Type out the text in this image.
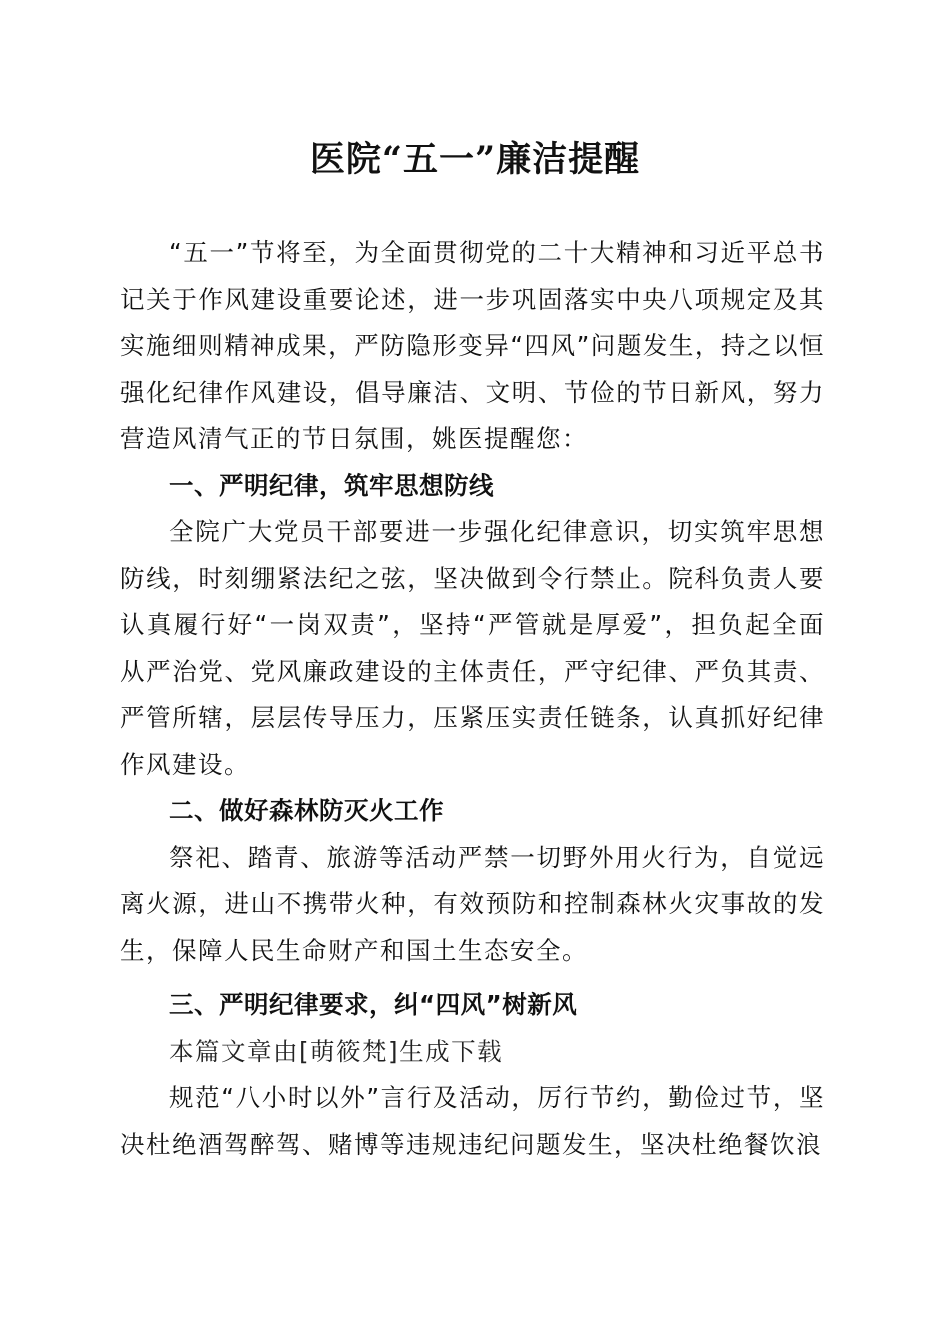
医院“五一”廉洁提醒

“五一”节将至，为全面贯彻党的二十大精神和习近平总书记关于作风建设重要论述，进一步巩固落实中央八项规定及其实施细则精神成果，严防隐形变异“四风”问题发生，持之以恒强化纪律作风建设，倡导廉洁、文明、节俭的节日新风，努力营造风清气正的节日氛围，姚医提醒您：

一、严明纪律，筑牢思想防线

全院广大党员干部要进一步强化纪律意识，切实筑牢思想防线，时刻绷紧法纪之弦，坚决做到令行禁止。院科负责人要认真履行好“一岗双责”，坚持“严管就是厚爱”，担负起全面从严治党、党风廉政建设的主体责任，严守纪律、严负其责、严管所辖，层层传导压力，压紧压实责任链条，认真抓好纪律作风建设。

二、做好森林防灭火工作

祭祀、踏青、旅游等活动严禁一切野外用火行为，自觉远离火源，进山不携带火种，有效预防和控制森林火灾事故的发生，保障人民生命财产和国土生态安全。

三、严明纪律要求，纠“四风”树新风

本篇文章由[萌筱梵]生成下载

规范“八小时以外”言行及活动，厉行节约，勤俭过节，坚决杜绝酒驾醉驾、赌博等违规违纪问题发生，坚决杜绝餐饮浪
